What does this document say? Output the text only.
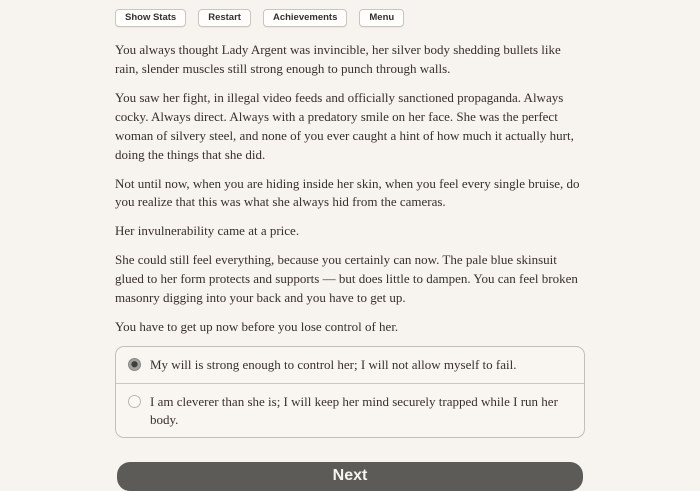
Show Stats	Restart	Achievements	Menu

You always thought Lady Argent was invincible, her silver body shedding bullets like rain, slender muscles still strong enough to punch through walls.

You saw her fight, in illegal video feeds and officially sanctioned propaganda. Always cocky. Always direct. Always with a predatory smile on her face. She was the perfect woman of silvery steel, and none of you ever caught a hint of how much it actually hurt, doing the things that she did.

Not until now, when you are hiding inside her skin, when you feel every single bruise, do you realize that this was what she always hid from the cameras.

Her invulnerability came at a price.

She could still feel everything, because you certainly can now. The pale blue skinsuit glued to her form protects and supports — but does little to dampen. You can feel broken masonry digging into your back and you have to get up.

You have to get up now before you lose control of her.

My will is strong enough to control her; I will not allow myself to fail.
I am cleverer than she is; I will keep her mind securely trapped while I run her body.
Next
